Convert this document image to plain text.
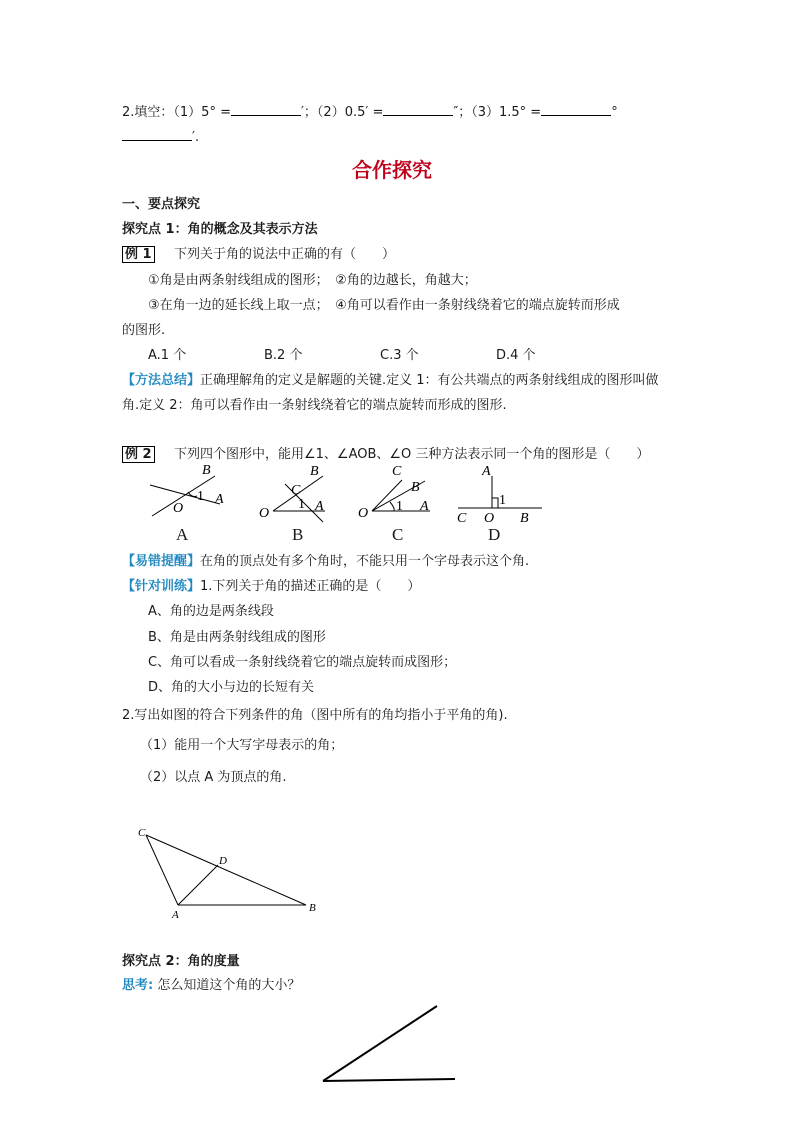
2.填空：（1）5° =	′；（2）0.5′ =	″；（3）1.5° =	°
′.
合作探究
一、要点探究
探究点 1：角的概念及其表示方法
例 1 下列关于角的说法中正确的有（　　）
①角是由两条射线组成的图形；　②角的边越长，角越大；
③在角一边的延长线上取一点；　④角可以看作由一条射线绕着它的端点旋转而形成
的图形.
A.1 个	B.2 个	C.3 个	D.4 个
【方法总结】正确理解角的定义是解题的关键.定义 1：有公共端点的两条射线组成的图形叫做
角.定义 2：角可以看作由一条射线绕着它的端点旋转而形成的图形.
例 2 下列四个图形中，能用∠1、∠AOB、∠O 三种方法表示同一个角的图形是（　　）
B
A
O
1
B
C
A
O
1
C
B
A
O 1
A
1
C O B
A	B	C	D
【易错提醒】在角的顶点处有多个角时，不能只用一个字母表示这个角.
【针对训练】1.下列关于角的描述正确的是（　　）
A、角的边是两条线段
B、角是由两条射线组成的图形
C、角可以看成一条射线绕着它的端点旋转而成图形；
D、角的大小与边的长短有关
2.写出如图的符合下列条件的角（图中所有的角均指小于平角的角).
（1）能用一个大写字母表示的角；
（2）以点 A 为顶点的角.
C
D
A
B
探究点 2：角的度量
思考: 怎么知道这个角的大小？
